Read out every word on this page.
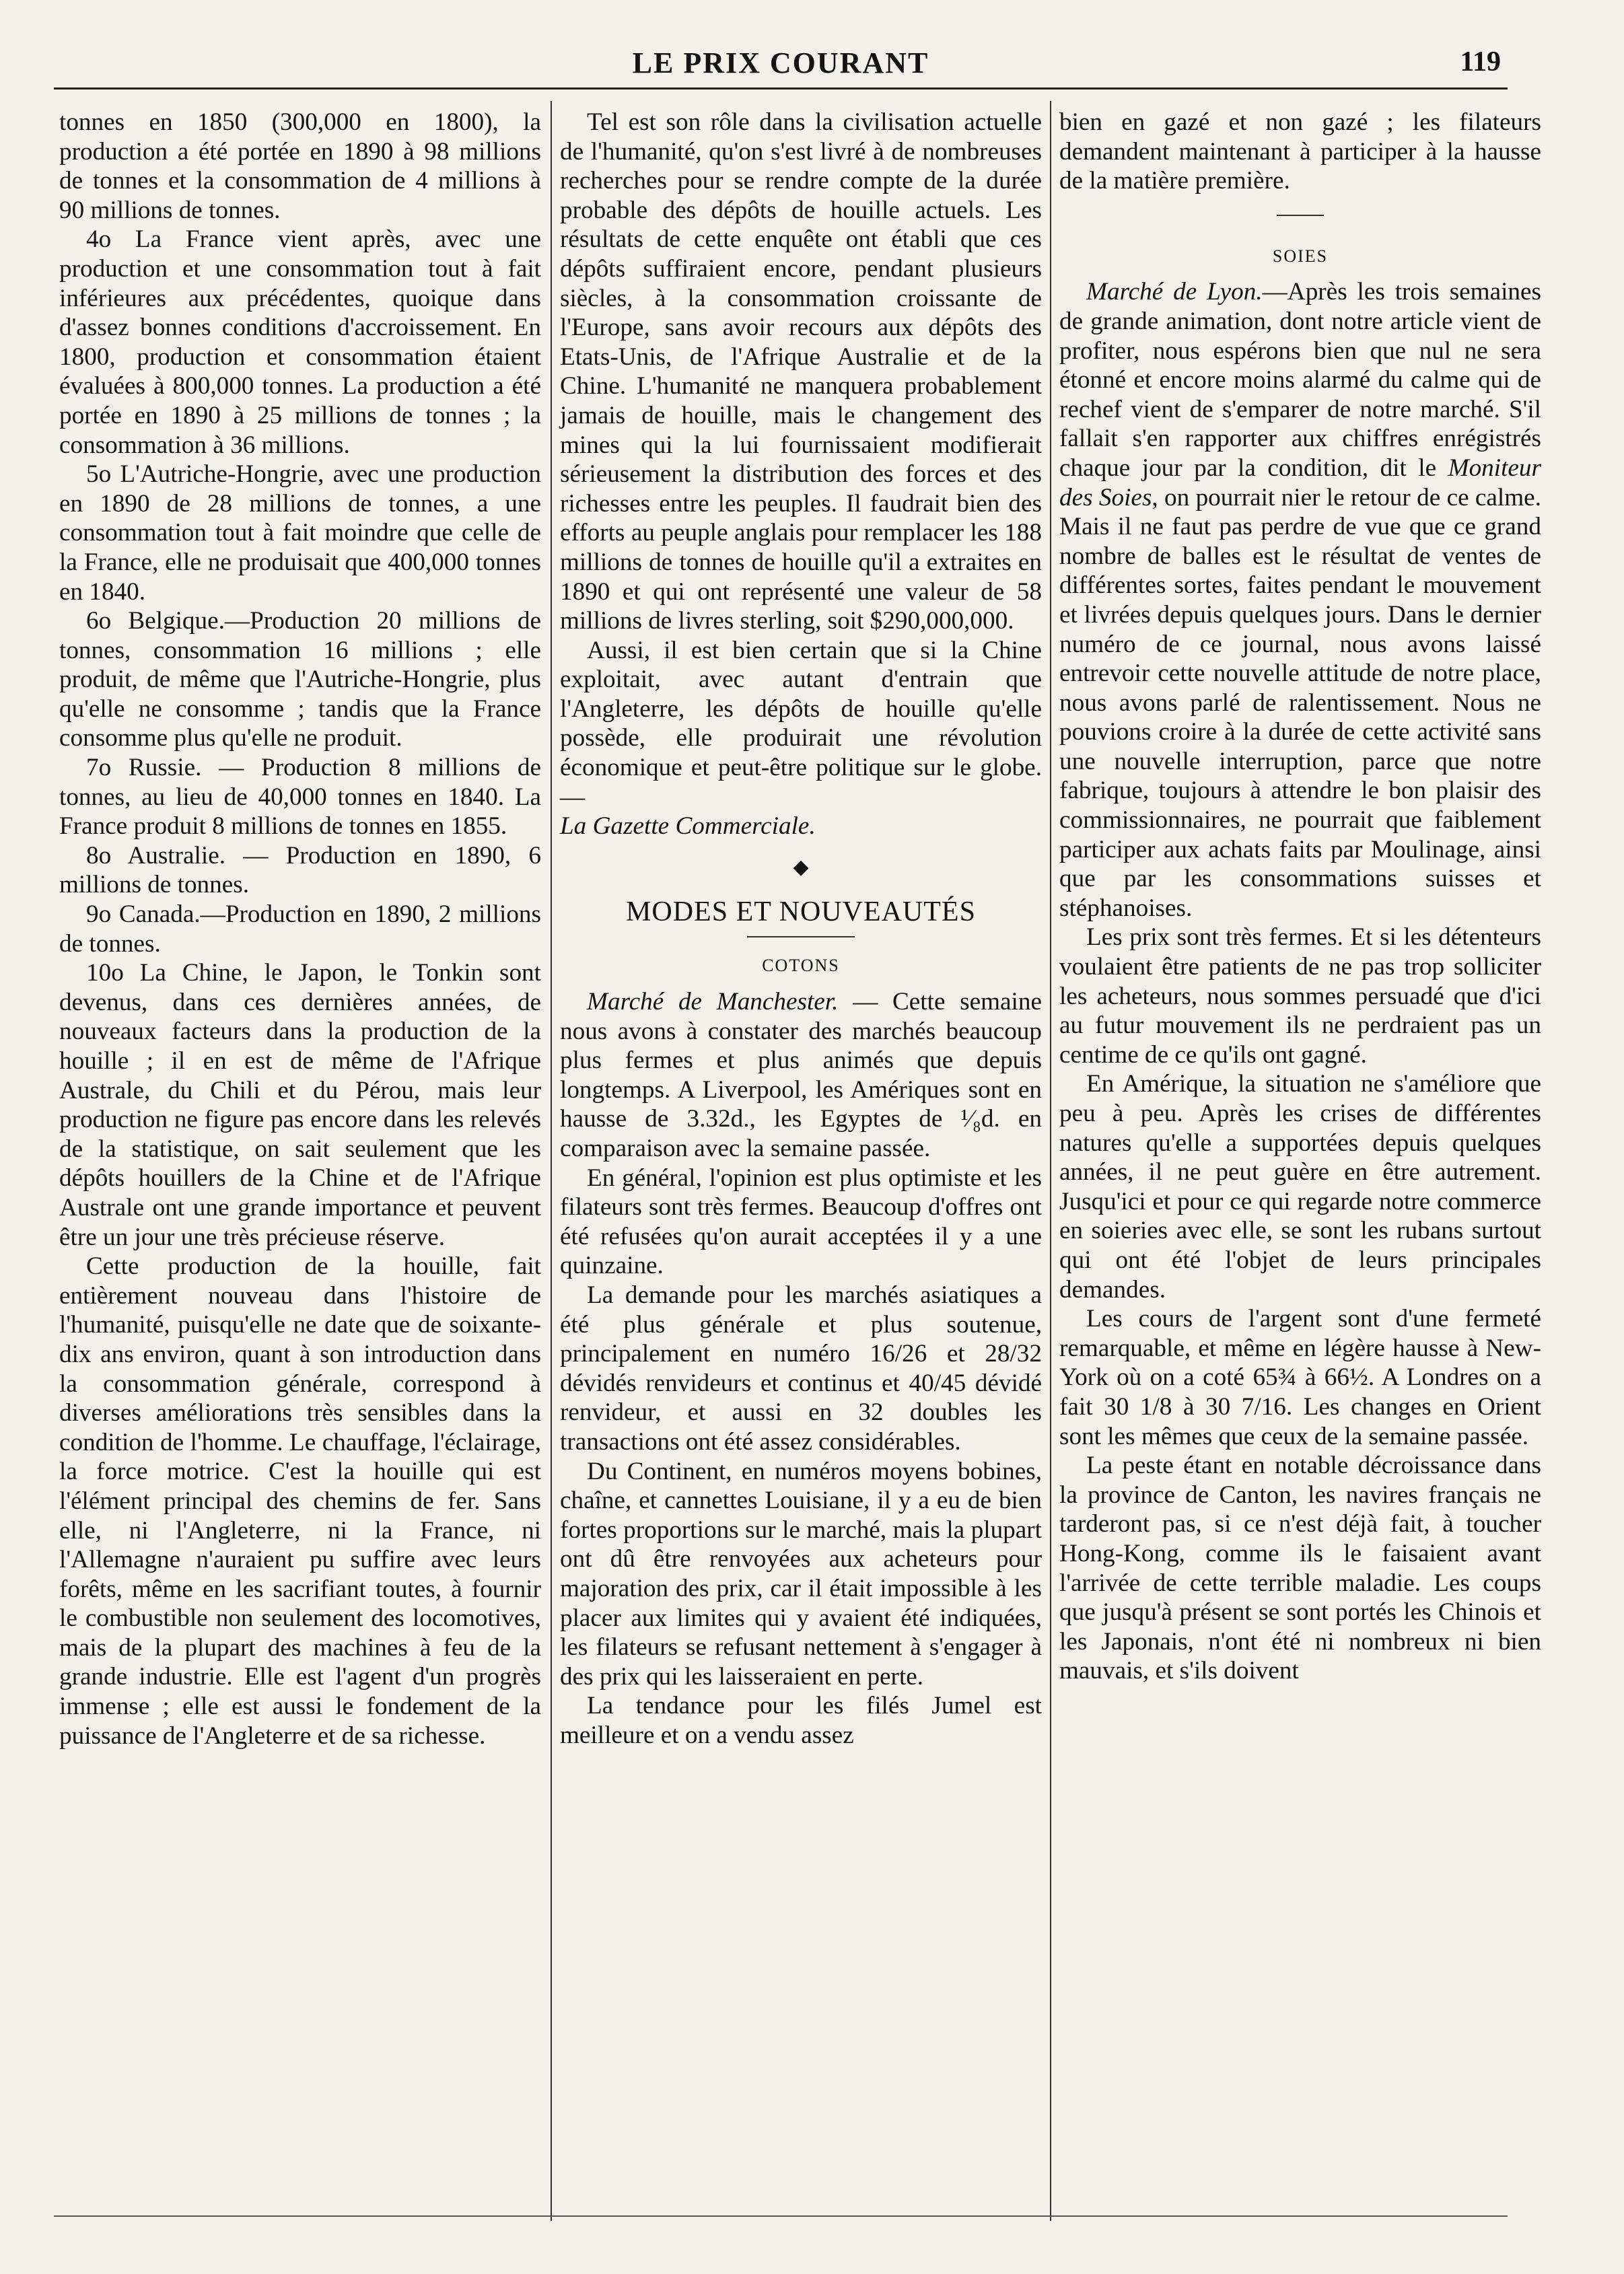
LE PRIX COURANT	119

tonnes en 1850 (300,000 en 1800), la production a été portée en 1890 à 98 millions de tonnes et la consommation de 4 millions à 90 millions de tonnes.

4o La France vient après, avec une production et une consommation tout à fait inférieures aux précédentes, quoique dans d'assez bonnes conditions d'accroissement. En 1800, production et consommation étaient évaluées à 800,000 tonnes. La production a été portée en 1890 à 25 millions de tonnes ; la consommation à 36 millions.

5o L'Autriche-Hongrie, avec une production en 1890 de 28 millions de tonnes, a une consommation tout à fait moindre que celle de la France, elle ne produisait que 400,000 tonnes en 1840.

6o Belgique.—Production 20 millions de tonnes, consommation 16 millions ; elle produit, de même que l'Autriche-Hongrie, plus qu'elle ne consomme ; tandis que la France consomme plus qu'elle ne produit.

7o Russie. — Production 8 millions de tonnes, au lieu de 40,000 tonnes en 1840. La France produit 8 millions de tonnes en 1855.

8o Australie. — Production en 1890, 6 millions de tonnes.

9o Canada.—Production en 1890, 2 millions de tonnes.

10o La Chine, le Japon, le Tonkin sont devenus, dans ces dernières années, de nouveaux facteurs dans la production de la houille ; il en est de même de l'Afrique Australe, du Chili et du Pérou, mais leur production ne figure pas encore dans les relevés de la statistique, on sait seulement que les dépôts houillers de la Chine et de l'Afrique Australe ont une grande importance et peuvent être un jour une très précieuse réserve.

Cette production de la houille, fait entièrement nouveau dans l'histoire de l'humanité, puisqu'elle ne date que de soixante-dix ans environ, quant à son introduction dans la consommation générale, correspond à diverses améliorations très sensibles dans la condition de l'homme. Le chauffage, l'éclairage, la force motrice. C'est la houille qui est l'élément principal des chemins de fer. Sans elle, ni l'Angleterre, ni la France, ni l'Allemagne n'auraient pu suffire avec leurs forêts, même en les sacrifiant toutes, à fournir le combustible non seulement des locomotives, mais de la plupart des machines à feu de la grande industrie. Elle est l'agent d'un progrès immense ; elle est aussi le fondement de la puissance de l'Angleterre et de sa richesse.

Tel est son rôle dans la civilisation actuelle de l'humanité, qu'on s'est livré à de nombreuses recherches pour se rendre compte de la durée probable des dépôts de houille actuels. Les résultats de cette enquête ont établi que ces dépôts suffiraient encore, pendant plusieurs siècles, à la consommation croissante de l'Europe, sans avoir recours aux dépôts des Etats-Unis, de l'Afrique Australie et de la Chine. L'humanité ne manquera probablement jamais de houille, mais le changement des mines qui la lui fournissaient modifierait sérieusement la distribution des forces et des richesses entre les peuples. Il faudrait bien des efforts au peuple anglais pour remplacer les 188 millions de tonnes de houille qu'il a extraites en 1890 et qui ont représenté une valeur de 58 millions de livres sterling, soit $290,000,000.

Aussi, il est bien certain que si la Chine exploitait, avec autant d'entrain que l'Angleterre, les dépôts de houille qu'elle possède, elle produirait une révolution économique et peut-être politique sur le globe.—
La Gazette Commerciale.

◆
MODES ET NOUVEAUTÉS
COTONS

Marché de Manchester. — Cette semaine nous avons à constater des marchés beaucoup plus fermes et plus animés que depuis longtemps. A Liverpool, les Amériques sont en hausse de 3.32d., les Egyptes de ¹⁄₈d. en comparaison avec la semaine passée.

En général, l'opinion est plus optimiste et les filateurs sont très fermes. Beaucoup d'offres ont été refusées qu'on aurait acceptées il y a une quinzaine.

La demande pour les marchés asiatiques a été plus générale et plus soutenue, principalement en numéro 16/26 et 28/32 dévidés renvideurs et continus et 40/45 dévidé renvideur, et aussi en 32 doubles les transactions ont été assez considérables.

Du Continent, en numéros moyens bobines, chaîne, et cannettes Louisiane, il y a eu de bien fortes proportions sur le marché, mais la plupart ont dû être renvoyées aux acheteurs pour majoration des prix, car il était impossible à les placer aux limites qui y avaient été indiquées, les filateurs se refusant nettement à s'engager à des prix qui les laisseraient en perte.

La tendance pour les filés Jumel est meilleure et on a vendu assez

bien en gazé et non gazé ; les filateurs demandent maintenant à participer à la hausse de la matière première.

SOIES

Marché de Lyon.—Après les trois semaines de grande animation, dont notre article vient de profiter, nous espérons bien que nul ne sera étonné et encore moins alarmé du calme qui de rechef vient de s'emparer de notre marché. S'il fallait s'en rapporter aux chiffres enrégistrés chaque jour par la condition, dit le Moniteur des Soies, on pourrait nier le retour de ce calme. Mais il ne faut pas perdre de vue que ce grand nombre de balles est le résultat de ventes de différentes sortes, faites pendant le mouvement et livrées depuis quelques jours. Dans le dernier numéro de ce journal, nous avons laissé entrevoir cette nouvelle attitude de notre place, nous avons parlé de ralentissement. Nous ne pouvions croire à la durée de cette activité sans une nouvelle interruption, parce que notre fabrique, toujours à attendre le bon plaisir des commissionnaires, ne pourrait que faiblement participer aux achats faits par Moulinage, ainsi que par les consommations suisses et stéphanoises.

Les prix sont très fermes. Et si les détenteurs voulaient être patients de ne pas trop solliciter les acheteurs, nous sommes persuadé que d'ici au futur mouvement ils ne perdraient pas un centime de ce qu'ils ont gagné.

En Amérique, la situation ne s'améliore que peu à peu. Après les crises de différentes natures qu'elle a supportées depuis quelques années, il ne peut guère en être autrement. Jusqu'ici et pour ce qui regarde notre commerce en soieries avec elle, se sont les rubans surtout qui ont été l'objet de leurs principales demandes.

Les cours de l'argent sont d'une fermeté remarquable, et même en légère hausse à New-York où on a coté 65¾ à 66½. A Londres on a fait 30 1/8 à 30 7/16. Les changes en Orient sont les mêmes que ceux de la semaine passée.

La peste étant en notable décroissance dans la province de Canton, les navires français ne tarderont pas, si ce n'est déjà fait, à toucher Hong-Kong, comme ils le faisaient avant l'arrivée de cette terrible maladie. Les coups que jusqu'à présent se sont portés les Chinois et les Japonais, n'ont été ni nombreux ni bien mauvais, et s'ils doivent
